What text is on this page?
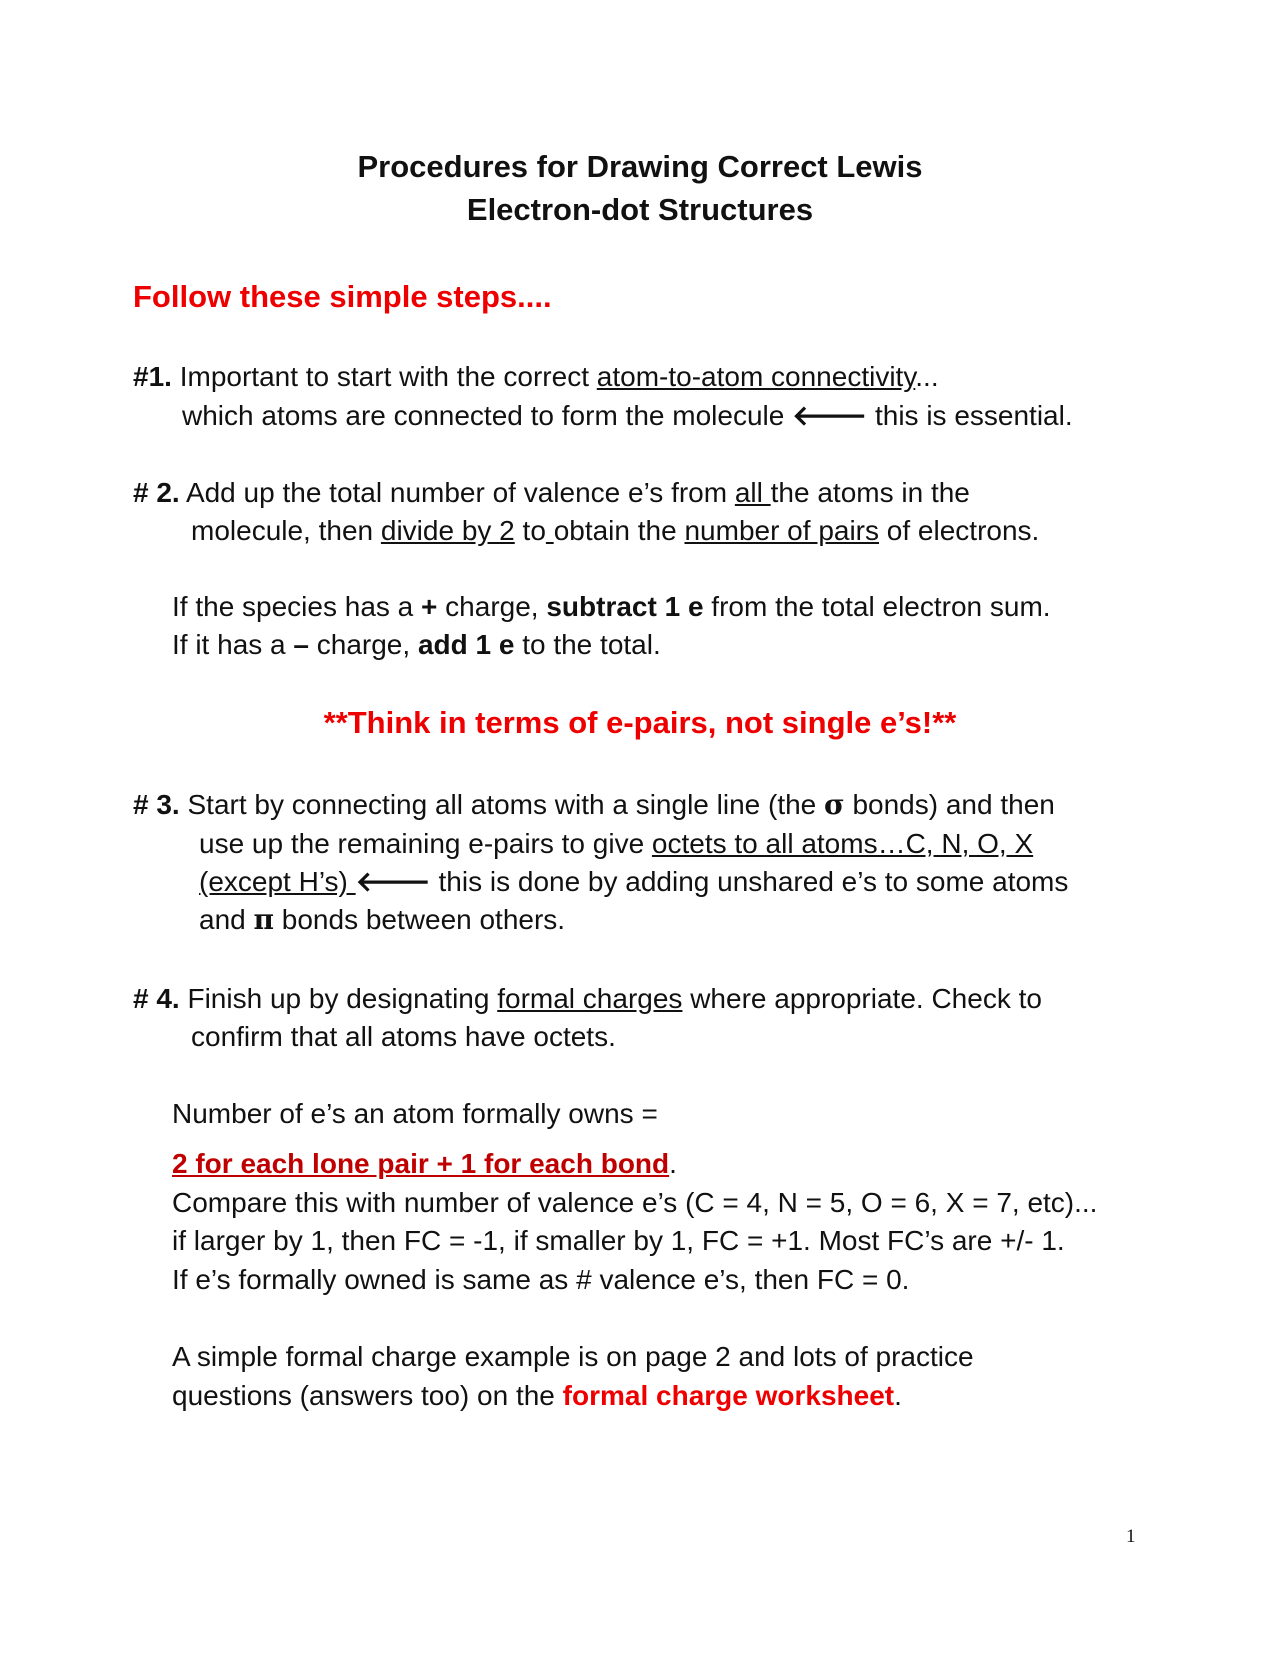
Procedures for Drawing Correct Lewis
Electron-dot Structures
Follow these simple steps....
#1. Important to start with the correct atom-to-atom connectivity...
which atoms are connected to form the molecule 🡐 this is essential.
# 2. Add up the total number of valence e’s from all the atoms in the
molecule, then divide by 2 to obtain the number of pairs of electrons.
If the species has a + charge, subtract 1 e from the total electron sum.
If it has a – charge, add 1 e to the total.
**Think in terms of e-pairs, not single e’s!**
# 3. Start by connecting all atoms with a single line (the σ bonds) and then
use up the remaining e-pairs to give octets to all atoms…C, N, O, X
(except H’s) 🡐 this is done by adding unshared e’s to some atoms
and π bonds between others.
# 4. Finish up by designating formal charges where appropriate. Check to
confirm that all atoms have octets.
Number of e’s an atom formally owns =
2 for each lone pair + 1 for each bond.
Compare this with number of valence e’s (C = 4, N = 5, O = 6, X = 7, etc)...
if larger by 1, then FC = -1, if smaller by 1, FC = +1. Most FC’s are +/- 1.
If e’s formally owned is same as # valence e’s, then FC = 0.
A simple formal charge example is on page 2 and lots of practice
questions (answers too) on the formal charge worksheet.
1
